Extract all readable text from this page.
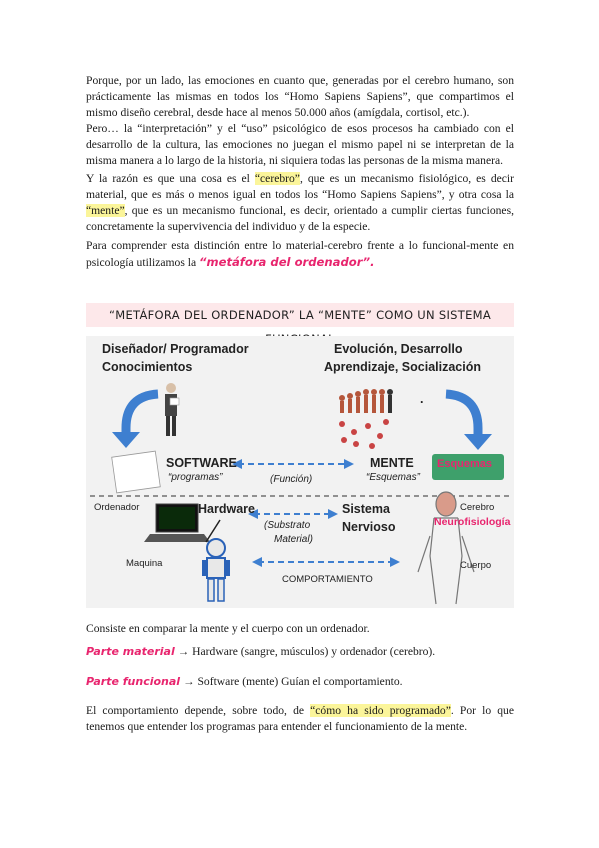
Porque, por un lado, las emociones en cuanto que, generadas por el cerebro humano, son prácticamente las mismas en todos los “Homo Sapiens Sapiens”, que compartimos el mismo diseño cerebral, desde hace al menos 50.000 años (amígdala, cortisol, etc.).

Pero… la “interpretación” y el “uso” psicológico de esos procesos ha cambiado con el desarrollo de la cultura, las emociones no juegan el mismo papel ni se interpretan de la misma manera a lo largo de la historia, ni siquiera todas las personas de la misma manera.

Y la razón es que una cosa es el “cerebro”, que es un mecanismo fisiológico, es decir material, que es más o menos igual en todos los “Homo Sapiens Sapiens”, y otra cosa la “mente”, que es un mecanismo funcional, es decir, orientado a cumplir ciertas funciones, concretamente la supervivencia del individuo y de la especie.

Para comprender esta distinción entre lo material-cerebro frente a lo funcional-mente en psicología utilizamos la “metáfora del ordenador”.

“METÁFORA DEL ORDENADOR” LA “MENTE” COMO UN SISTEMA
Diseñador/ Programador
Conocimientos
Evolución, Desarrollo
Aprendizaje, Socialización
.
SOFTWARE
“programas”	(Función)
MENTE
“Esquemas”
Esquemas
Ordenador	Hardware
(Substrato
Material)
Sistema
Nervioso
Cerebro
Neurofisiología
Maquina
COMPORTAMIENTO
Cuerpo

Consiste en comparar la mente y el cuerpo con un ordenador.

Parte material → Hardware (sangre, músculos) y ordenador (cerebro).

Parte funcional → Software (mente) Guían el comportamiento.

El comportamiento depende, sobre todo, de “cómo ha sido programado”. Por lo que tenemos que entender los programas para entender el funcionamiento de la mente.
